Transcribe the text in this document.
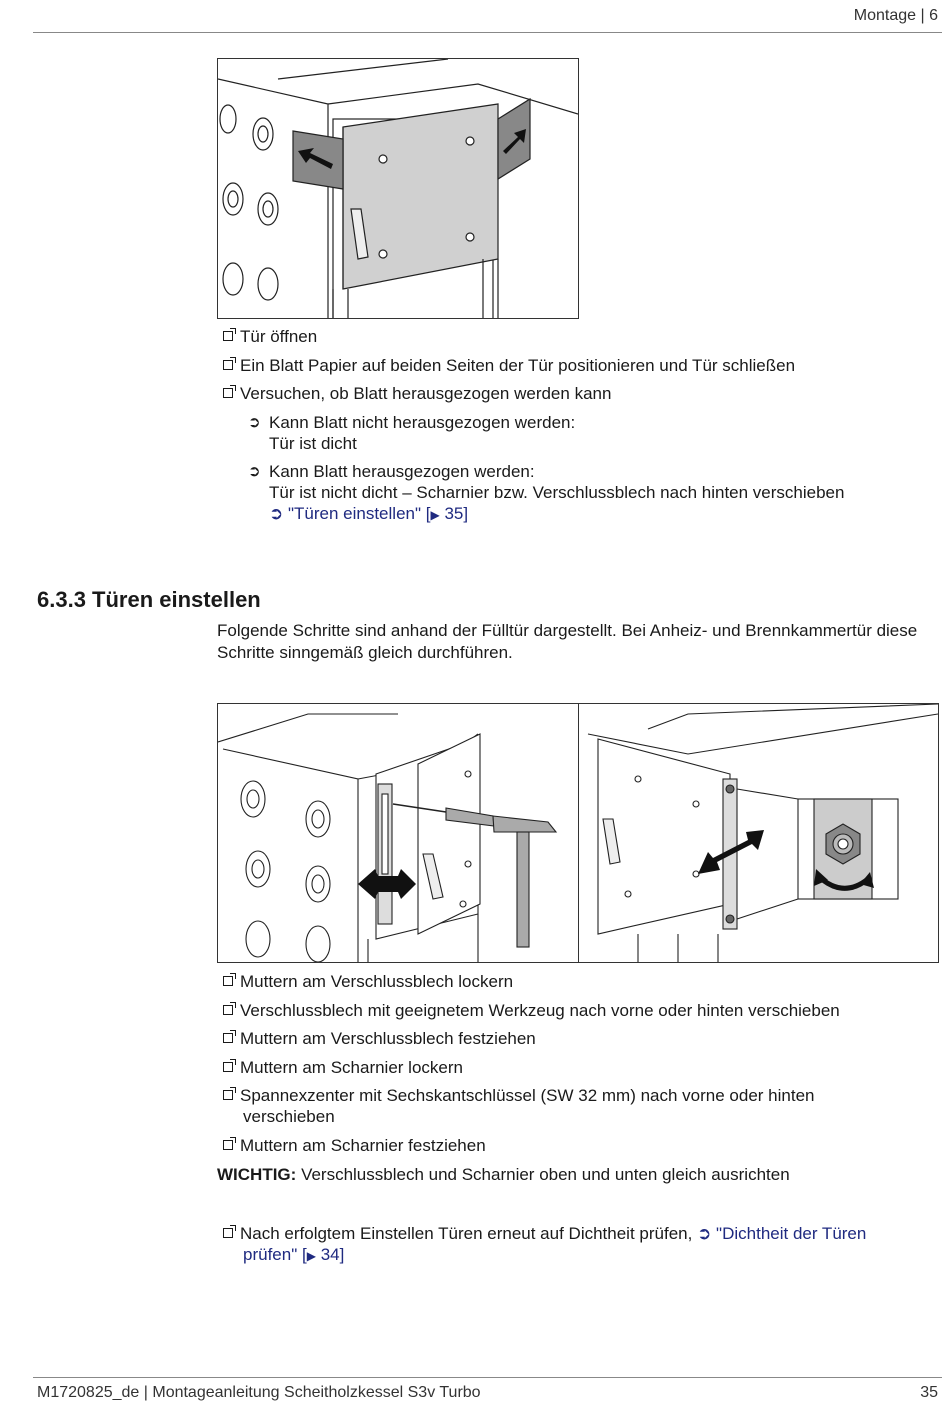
Montage | 6
Tür öffnen
Ein Blatt Papier auf beiden Seiten der Tür positionieren und Tür schließen
Versuchen, ob Blatt herausgezogen werden kann
➲ Kann Blatt nicht herausgezogen werden:
Tür ist dicht
➲ Kann Blatt herausgezogen werden:
Tür ist nicht dicht – Scharnier bzw. Verschlussblech nach hinten verschieben
➲ "Türen einstellen" [▶ 35]
6.3.3 Türen einstellen
Folgende Schritte sind anhand der Fülltür dargestellt. Bei Anheiz- und Brennkammertür diese Schritte sinngemäß gleich durchführen.
Muttern am Verschlussblech lockern
Verschlussblech mit geeignetem Werkzeug nach vorne oder hinten verschieben
Muttern am Verschlussblech festziehen
Muttern am Scharnier lockern
Spannexzenter mit Sechskantschlüssel (SW 32 mm) nach vorne oder hinten
verschieben
Muttern am Scharnier festziehen
WICHTIG: Verschlussblech und Scharnier oben und unten gleich ausrichten
Nach erfolgtem Einstellen Türen erneut auf Dichtheit prüfen, ➲ "Dichtheit der Türen
prüfen" [▶ 34]
M1720825_de | Montageanleitung Scheitholzkessel S3v Turbo	35
